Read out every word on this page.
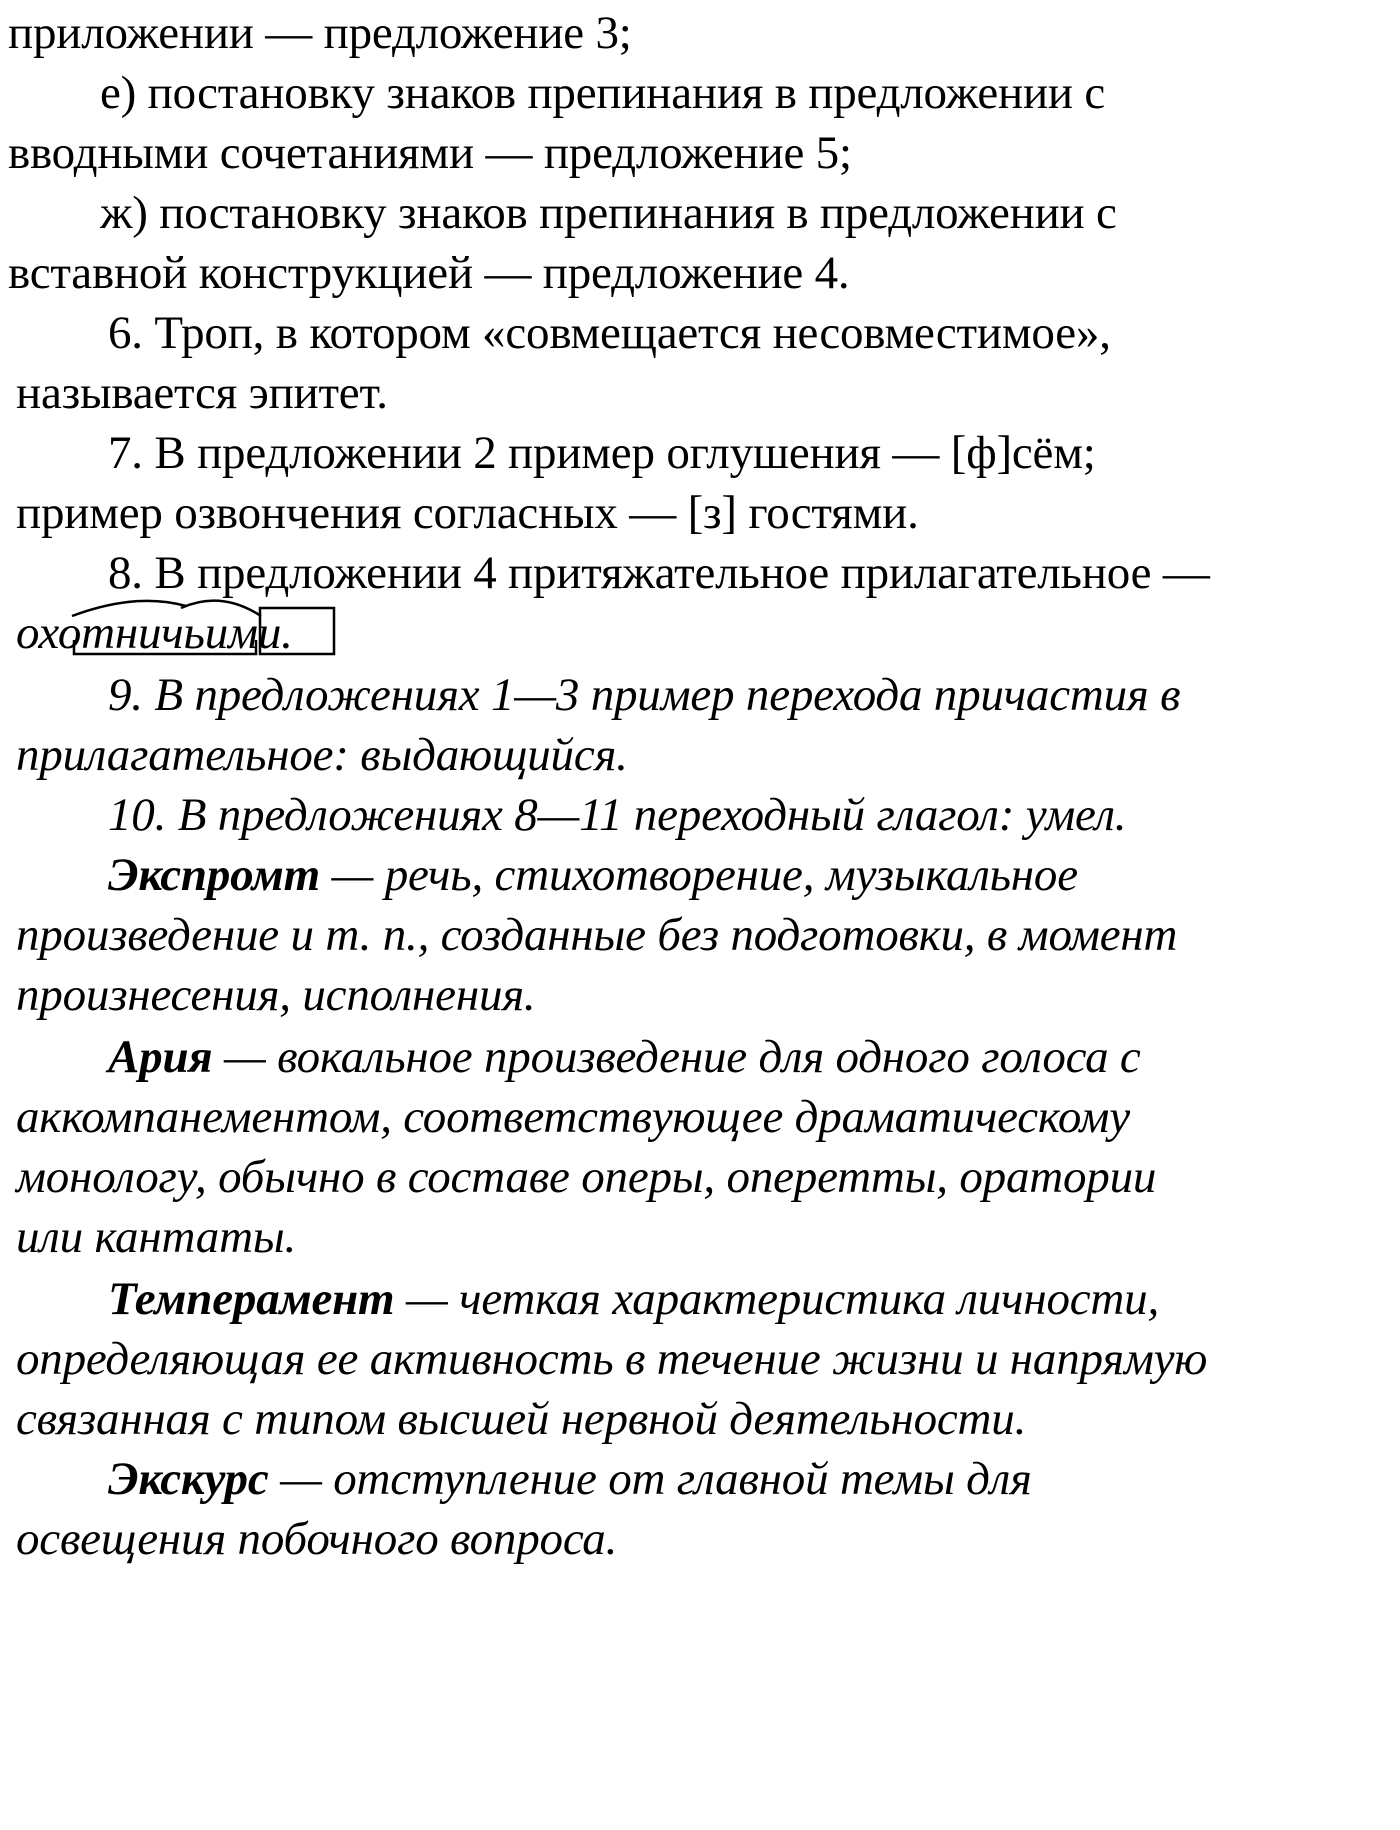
приложении — предложение 3;
е) постановку знаков препинания в предложении с
вводными сочетаниями — предложение 5;
ж) постановку знаков препинания в предложении с
вставной конструкцией — предложение 4.
6. Троп, в котором «совмещается несовместимое»,
называется эпитет.
7. В предложении 2 пример оглушения — [ф]сём;
пример озвончения согласных — [з] гостями.
8. В предложении 4 притяжательное прилагательное —
охотничьими
.
9. В предложениях 1—3 пример перехода причастия в
прилагательное: выдающийся.
10. В предложениях 8—11 переходный глагол: умел.
Экспромт — речь, стихотворение, музыкальное
произведение и т. п., созданные без подготовки, в момент
произнесения, исполнения.
Ария — вокальное произведение для одного голоса с
аккомпанементом, соответствующее драматическому
монологу, обычно в составе оперы, оперетты, оратории
или кантаты.
Темперамент — четкая характеристика личности,
определяющая ее активность в течение жизни и напрямую
связанная с типом высшей нервной деятельности.
Экскурс — отступление от главной темы для
освещения побочного вопроса.
